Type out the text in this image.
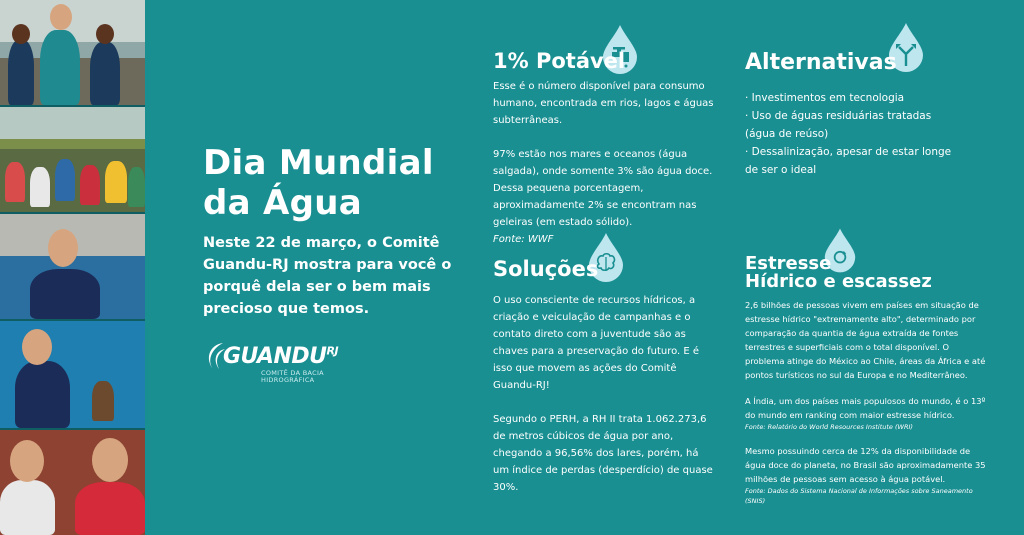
Dia Mundial
da Água
Neste 22 de março, o Comitê Guandu-RJ mostra para você o porquê dela ser o bem mais precioso que temos.
$GUANDU^{RJ}$
COMITÊ DA BACIA
HIDROGRÁFICA
1% Potável

Esse é o número disponível para consumo humano, encontrada em rios, lagos e águas subterrâneas.

97% estão nos mares e oceanos (água salgada), onde somente 3% são água doce. Dessa pequena porcentagem, aproximadamente 2% se encontram nas geleiras (em estado sólido).

Fonte: WWF

Soluções

O uso consciente de recursos hídricos, a criação e veiculação de campanhas e o contato direto com a juventude são as chaves para a preservação do futuro. E é isso que movem as ações do Comitê Guandu-RJ!

Segundo o PERH, a RH II trata 1.062.273,6 de metros cúbicos de água por ano, chegando a 96,56% dos lares, porém, há um índice de perdas (desperdício) de quase 30%.

Alternativas

· Investimentos em tecnologia

· Uso de águas residuárias tratadas (água de reúso)

· Dessalinização, apesar de estar longe de ser o ideal

Estresse
Hídrico e escassez

2,6 bilhões de pessoas vivem em países em situação de estresse hídrico "extremamente alto", determinado por comparação da quantia de água extraída de fontes terrestres e superficiais com o total disponível. O problema atinge do México ao Chile, áreas da África e até pontos turísticos no sul da Europa e no Mediterrâneo.

A Índia, um dos países mais populosos do mundo, é o 13º do mundo em ranking com maior estresse hídrico.

Fonte: Relatório do World Resources Institute (WRI)

Mesmo possuindo cerca de 12% da disponibilidade de água doce do planeta, no Brasil são aproximadamente 35 milhões de pessoas sem acesso à água potável.

Fonte: Dados do Sistema Nacional de Informações sobre Saneamento (SNIS)
